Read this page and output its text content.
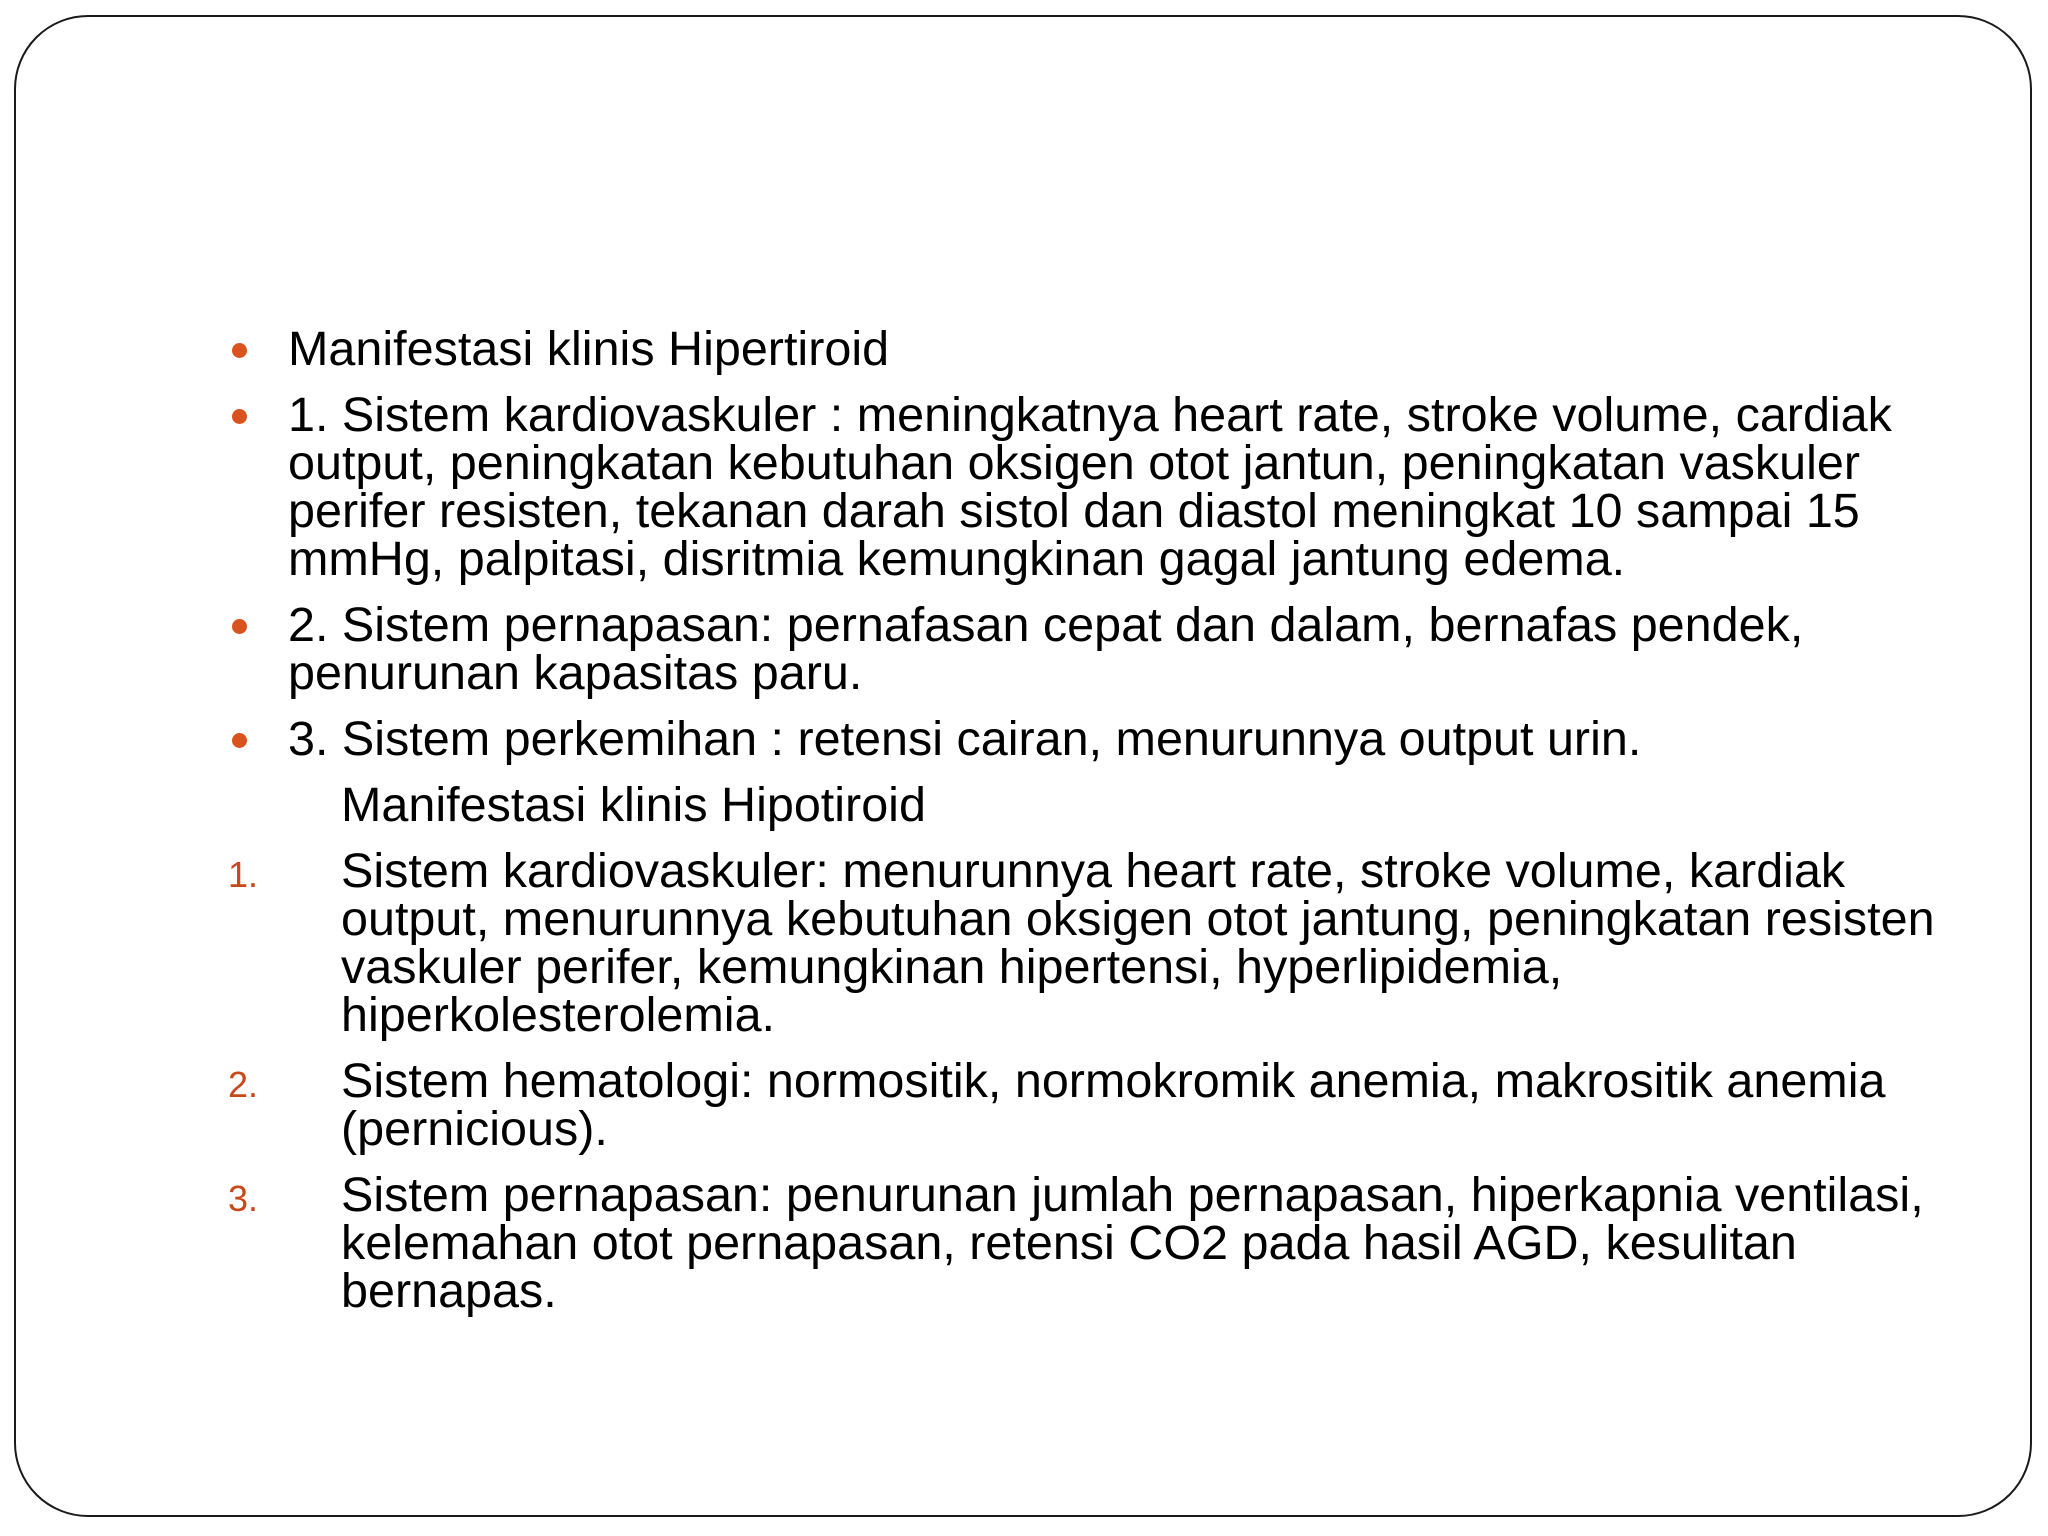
Manifestasi klinis Hipertiroid
1. Sistem kardiovaskuler : meningkatnya heart rate, stroke volume, cardiak output, peningkatan kebutuhan oksigen otot jantun, peningkatan vaskuler perifer resisten, tekanan darah sistol dan diastol meningkat 10 sampai 15 mmHg, palpitasi, disritmia kemungkinan gagal jantung edema.
2. Sistem pernapasan: pernafasan cepat dan dalam, bernafas pendek, penurunan kapasitas paru.
3. Sistem perkemihan : retensi cairan, menurunnya output urin.
Manifestasi klinis Hipotiroid
1. Sistem kardiovaskuler: menurunnya heart rate, stroke volume, kardiak output, menurunnya kebutuhan oksigen otot jantung, peningkatan resisten vaskuler perifer, kemungkinan hipertensi, hyperlipidemia, hiperkolesterolemia.
2. Sistem hematologi: normositik, normokromik anemia, makrositik anemia (pernicious).
3. Sistem pernapasan: penurunan jumlah pernapasan, hiperkapnia ventilasi, kelemahan otot pernapasan, retensi CO2 pada hasil AGD, kesulitan bernapas.
